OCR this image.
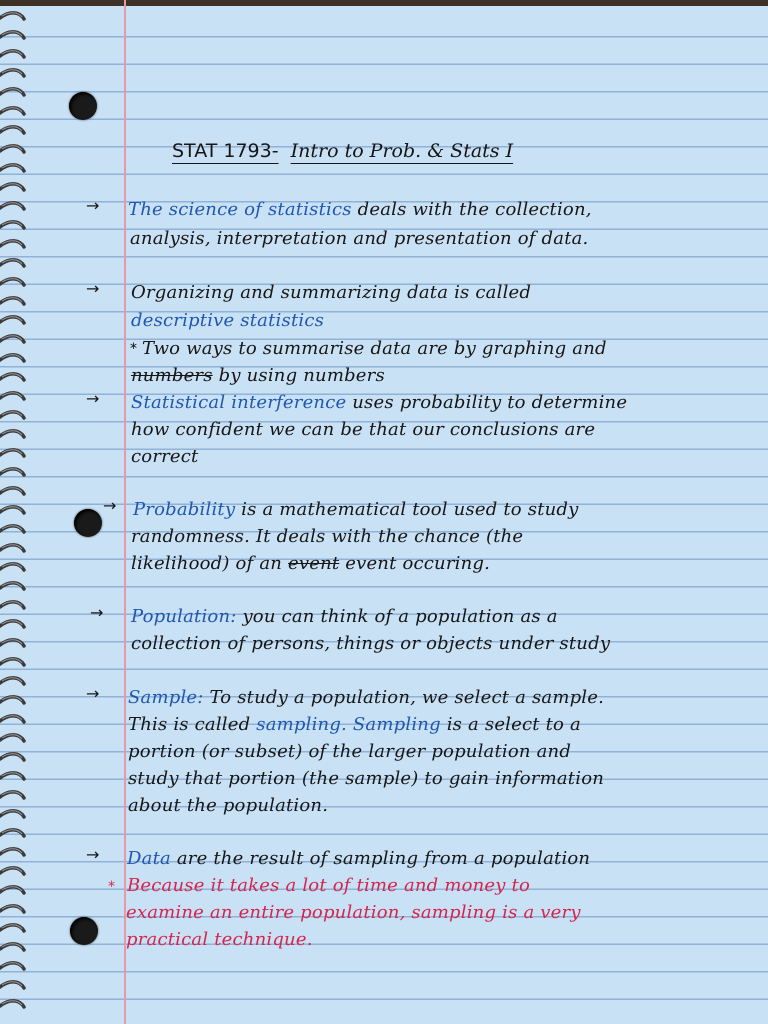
STAT 1793- Intro to Prob. & Stats I
→ The science of statistics deals with the collection,
analysis, interpretation and presentation of data.
→ Organizing and summarizing data is called
descriptive statistics
* Two ways to summarise data are by graphing and
numbers by using numbers
→ Statistical interference uses probability to determine
how confident we can be that our conclusions are
correct
→ Probability is a mathematical tool used to study
randomness. It deals with the chance (the
likelihood) of an event event occuring.
→ Population: you can think of a population as a
collection of persons, things or objects under study
→ Sample: To study a population, we select a sample.
This is called sampling. Sampling is a select to a
portion (or subset) of the larger population and
study that portion (the sample) to gain information
about the population.
→ Data are the result of sampling from a population
* Because it takes a lot of time and money to
examine an entire population, sampling is a very
practical technique.
